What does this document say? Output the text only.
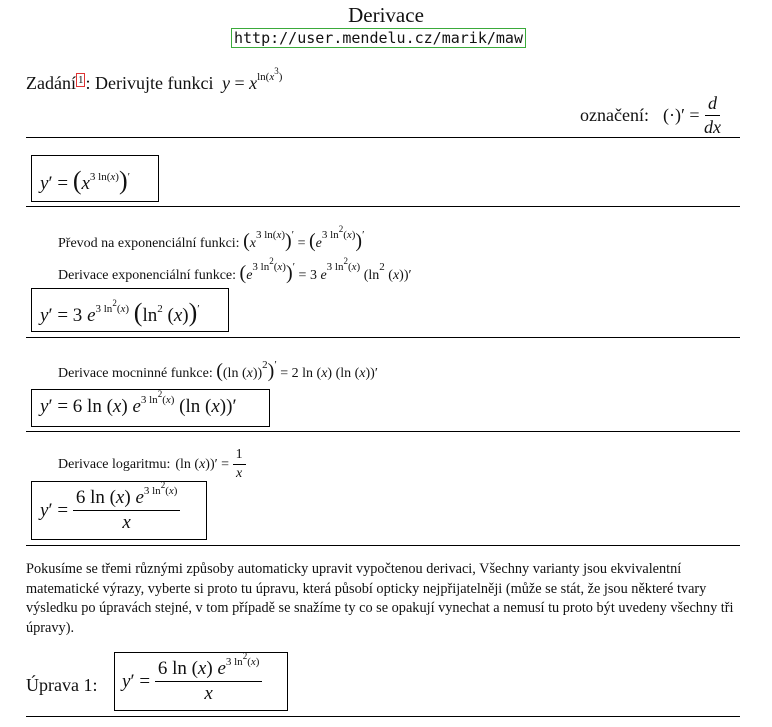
Derivace
http://user.mendelu.cz/marik/maw
Zadání $^1$ : Derivujte funkci $y = x^{ln(x^3)}$
označení: (·)′ = $\frac{d}{dx}$
$y' = (x^{3 ln(x)})'$
Převod na exponenciální funkci: $(x^{3 ln(x)})' = (e^{3 ln^2(x)})'$
Derivace exponenciální funkce: $(e^{3 ln^2(x)})' = 3$ $e^{3 ln^2(x)}$ ($\ln^2$ (x))′
y′ = 3 $e^{3 ln^2(x)}$ ($\ln^2$ (x))′
Derivace mocninné funkce: ((ln (x))$^2$)′ = 2 ln (x) (ln (x))′
y′ = 6 ln (x) $e^{3 ln^2(x)}$ (ln (x))′
Derivace logaritmu: (ln $(x))' = \frac{1}{x}$
$y' = \frac{6 \ln (x) e^{3 ln^2(x)}}{x}$
Pokusíme se třemi různými způsoby automaticky upravit vypočtenou derivaci, Všechny varianty jsou ekvivalentní matematické výrazy, vyberte si proto tu úpravu, která působí opticky nejpřijatelněji (může se stát, že jsou některé tvary výsledku po úpravách stejné, v tom případě se snažíme ty co se opakují vynechat a nemusí tu proto být uvedeny všechny tři úpravy).
Úprava 1: $y' = \frac{6 \ln (x) e^{3 ln^2(x)}}{x}$
